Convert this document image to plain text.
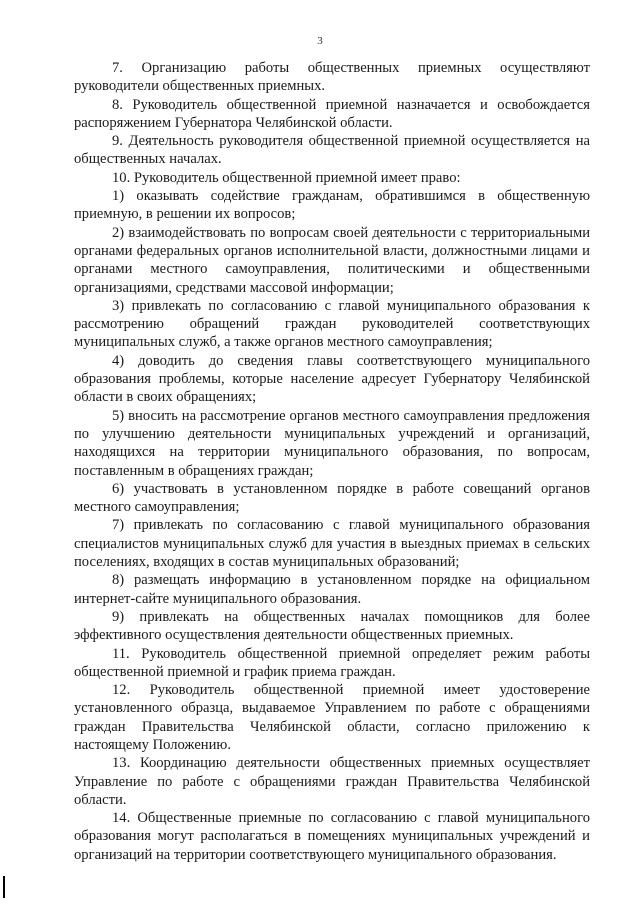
3

7. Организацию работы общественных приемных осуществляют руководители общественных приемных.

8. Руководитель общественной приемной назначается и освобождается распоряжением Губернатора Челябинской области.

9. Деятельность руководителя общественной приемной осуществляется на общественных началах.

10. Руководитель общественной приемной имеет право:

1) оказывать содействие гражданам, обратившимся в общественную приемную, в решении их вопросов;

2) взаимодействовать по вопросам своей деятельности с территориальными органами федеральных органов исполнительной власти, должностными лицами и органами местного самоуправления, политическими и общественными организациями, средствами массовой информации;

3) привлекать по согласованию с главой муниципального образования к рассмотрению обращений граждан руководителей соответствующих муниципальных служб, а также органов местного самоуправления;

4) доводить до сведения главы соответствующего муниципального образования проблемы, которые население адресует Губернатору Челябинской области в своих обращениях;

5) вносить на рассмотрение органов местного самоуправления предложения по улучшению деятельности муниципальных учреждений и организаций, находящихся на территории муниципального образования, по вопросам, поставленным в обращениях граждан;

6) участвовать в установленном порядке в работе совещаний органов местного самоуправления;

7) привлекать по согласованию с главой муниципального образования специалистов муниципальных служб для участия в выездных приемах в сельских поселениях, входящих в состав муниципальных образований;

8) размещать информацию в установленном порядке на официальном интернет-сайте муниципального образования.

9) привлекать на общественных началах помощников для более эффективного осуществления деятельности общественных приемных.

11. Руководитель общественной приемной определяет режим работы общественной приемной и график приема граждан.

12. Руководитель общественной приемной имеет удостоверение установленного образца, выдаваемое Управлением по работе с обращениями граждан Правительства Челябинской области, согласно приложению к настоящему Положению.

13. Координацию деятельности общественных приемных осуществляет Управление по работе с обращениями граждан Правительства Челябинской области.

14. Общественные приемные по согласованию с главой муниципального образования могут располагаться в помещениях муниципальных учреждений и организаций на территории соответствующего муниципального образования.
